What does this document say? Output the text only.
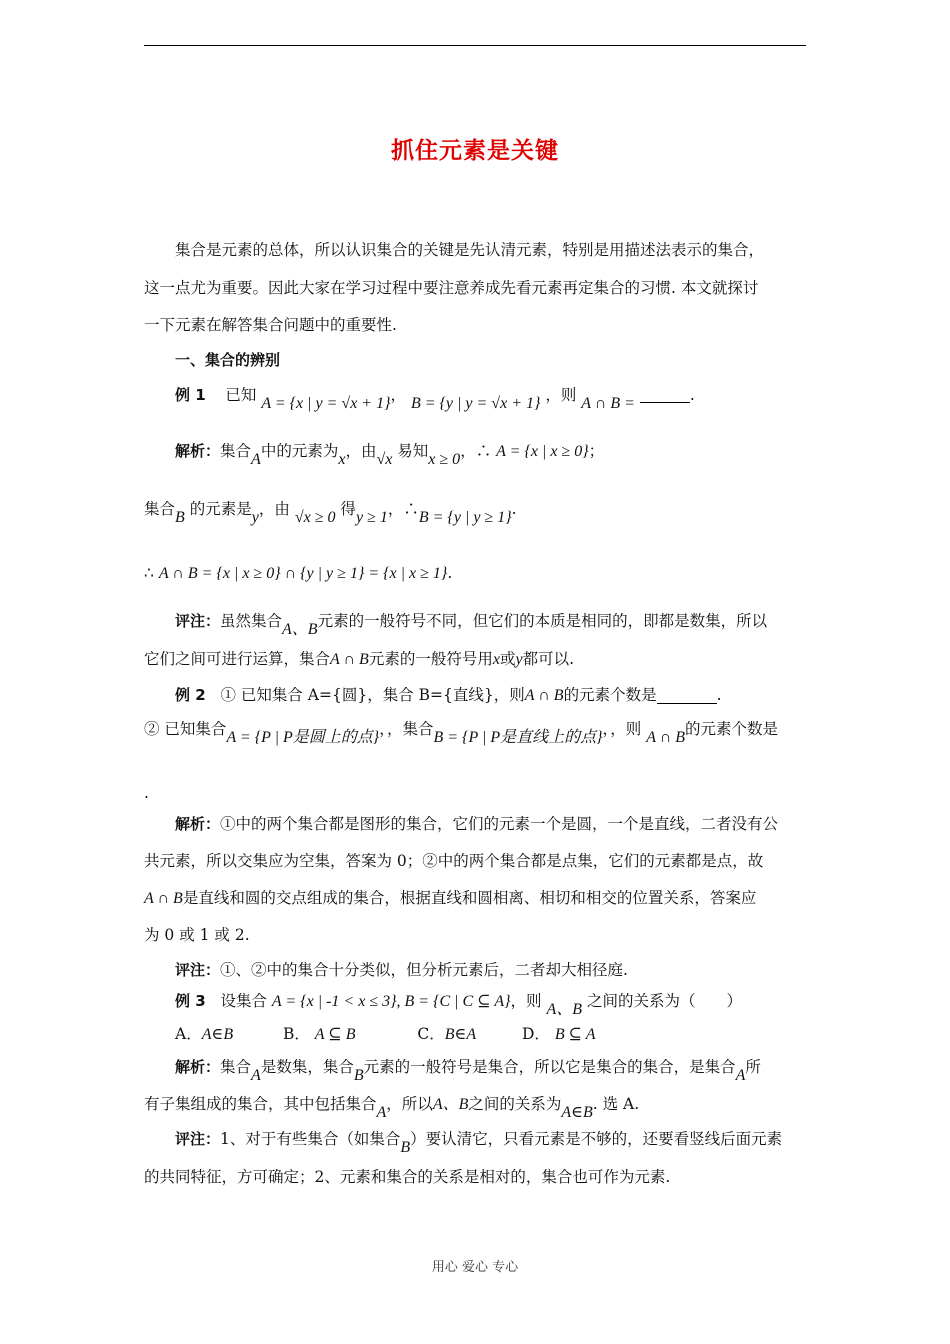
抓住元素是关键
集合是元素的总体，所以认识集合的关键是先认清元素，特别是用描述法表示的集合，
这一点尤为重要。因此大家在学习过程中要注意养成先看元素再定集合的习惯. 本文就探讨
一下元素在解答集合问题中的重要性.
一、集合的辨别
例 1 已知 A = {x | y = √x + 1}， B = {y | y = √x + 1} ，则 A ∩ B =	.
解析：集合A中的元素为x，由√x 易知x ≥ 0，∴ A = {x | x ≥ 0}；
集合B 的元素是y，由 √x ≥ 0 得y ≥ 1，∴B = {y | y ≥ 1}.
∴ A ∩ B = {x | x ≥ 0} ∩ {y | y ≥ 1} = {x | x ≥ 1}.
评注：虽然集合A、B元素的一般符号不同，但它们的本质是相同的，即都是数集，所以
它们之间可进行运算，集合A ∩ B元素的一般符号用x或y都可以.
例 2 ① 已知集合 A={圆}，集合 B={直线}，则A ∩ B的元素个数是	.
② 已知集合A = {P | P是圆上的点}，，集合B = {P | P是直线上的点}，，则 A ∩ B的元素个数是
.
解析：①中的两个集合都是图形的集合，它们的元素一个是圆，一个是直线，二者没有公
共元素，所以交集应为空集，答案为 0；②中的两个集合都是点集，它们的元素都是点，故
A ∩ B是直线和圆的交点组成的集合，根据直线和圆相离、相切和相交的位置关系，答案应
为 0 或 1 或 2.
评注：①、②中的集合十分类似，但分析元素后，二者却大相径庭.
例 3 设集合 A = {x | -1 < x ≤ 3}, B = {C | C ⊆ A}，则 A、B 之间的关系为（　　）
A．A∈B	B． A ⊆ B	C．B∈A	D． B ⊆ A
解析：集合A是数集，集合B元素的一般符号是集合，所以它是集合的集合，是集合A所
有子集组成的集合，其中包括集合A，所以A、B之间的关系为A∈B. 选 A.
评注：1、对于有些集合（如集合B）要认清它，只看元素是不够的，还要看竖线后面元素
的共同特征，方可确定；2、元素和集合的关系是相对的，集合也可作为元素.
用心 爱心 专心
